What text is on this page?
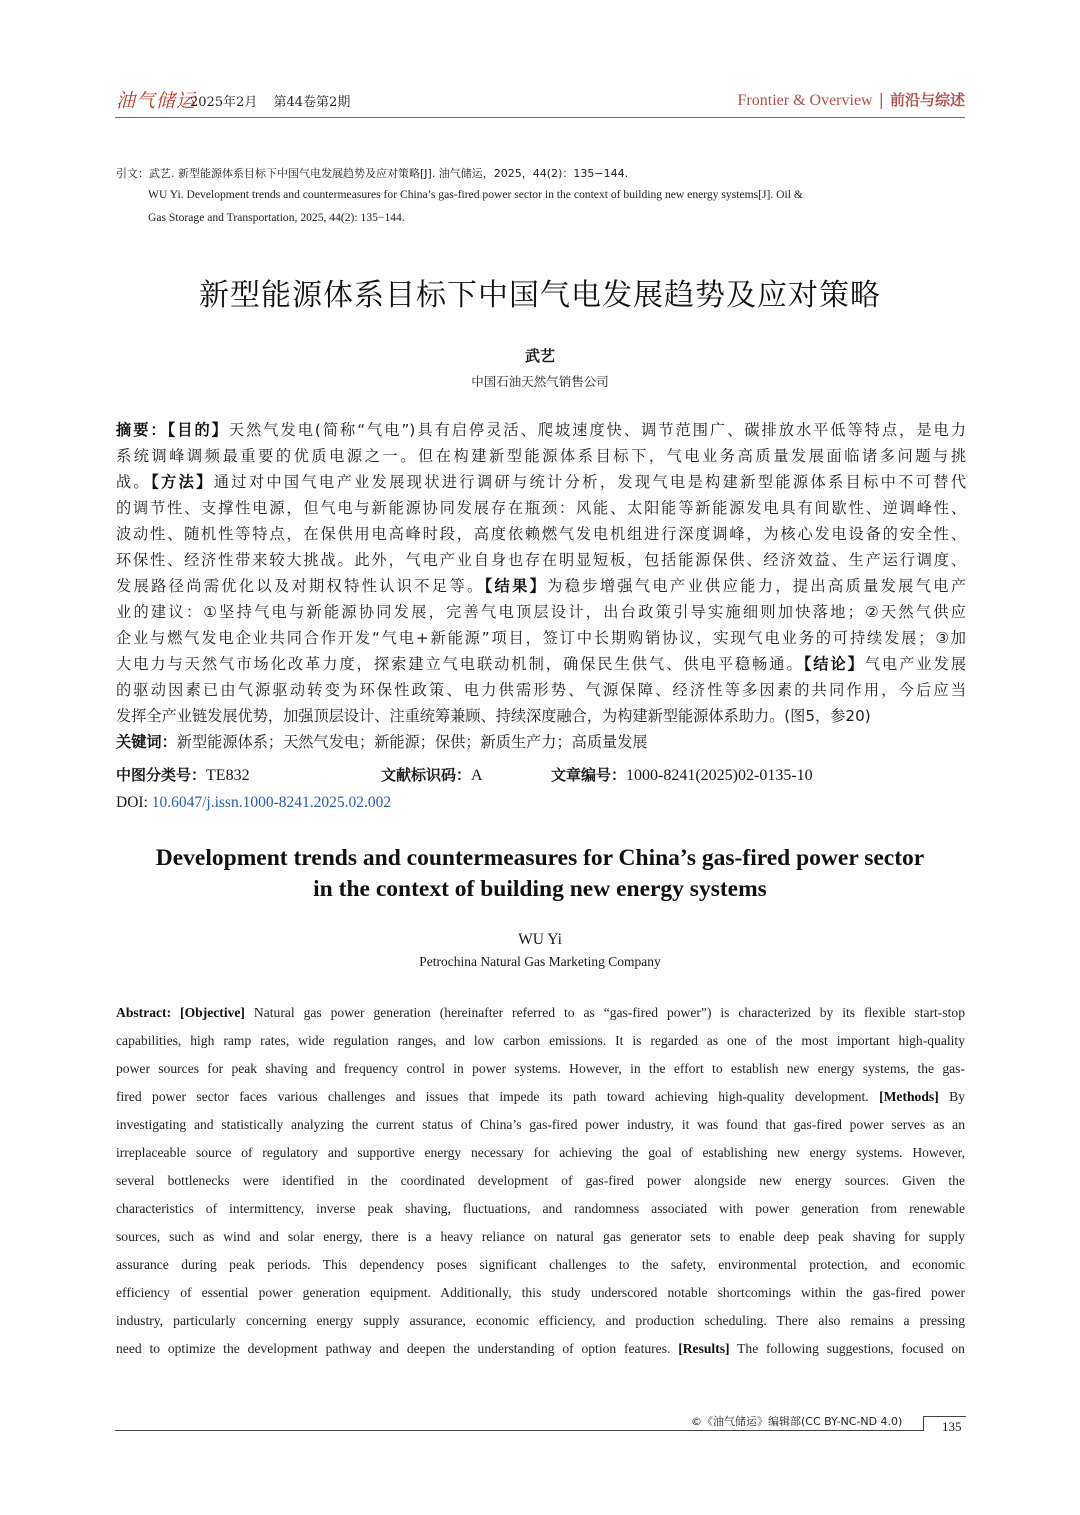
油气储运
2025年2月 第44卷第2期	Frontier & Overview | 前沿与综述
引文：武艺. 新型能源体系目标下中国气电发展趋势及应对策略[J]. 油气储运，2025，44(2)：135−144.
WU Yi. Development trends and countermeasures for China’s gas-fired power sector in the context of building new energy systems[J]. Oil &
Gas Storage and Transportation, 2025, 44(2): 135−144.
新型能源体系目标下中国气电发展趋势及应对策略
武艺
中国石油天然气销售公司
摘要：【目的】天然气发电(简称“气电”)具有启停灵活、爬坡速度快、调节范围广、碳排放水平低等特点，是电力
系统调峰调频最重要的优质电源之一。但在构建新型能源体系目标下，气电业务高质量发展面临诸多问题与挑
战。【方法】通过对中国气电产业发展现状进行调研与统计分析，发现气电是构建新型能源体系目标中不可替代
的调节性、支撑性电源，但气电与新能源协同发展存在瓶颈：风能、太阳能等新能源发电具有间歇性、逆调峰性、
波动性、随机性等特点，在保供用电高峰时段，高度依赖燃气发电机组进行深度调峰，为核心发电设备的安全性、
环保性、经济性带来较大挑战。此外，气电产业自身也存在明显短板，包括能源保供、经济效益、生产运行调度、
发展路径尚需优化以及对期权特性认识不足等。【结果】为稳步增强气电产业供应能力，提出高质量发展气电产
业的建议：①坚持气电与新能源协同发展，完善气电顶层设计，出台政策引导实施细则加快落地；②天然气供应
企业与燃气发电企业共同合作开发“气电+新能源”项目，签订中长期购销协议，实现气电业务的可持续发展；③加
大电力与天然气市场化改革力度，探索建立气电联动机制，确保民生供气、供电平稳畅通。【结论】气电产业发展
的驱动因素已由气源驱动转变为环保性政策、电力供需形势、气源保障、经济性等多因素的共同作用，今后应当
发挥全产业链发展优势，加强顶层设计、注重统筹兼顾、持续深度融合，为构建新型能源体系助力。(图5，参20)
关键词：新型能源体系；天然气发电；新能源；保供；新质生产力；高质量发展
中图分类号：TE832	文献标识码：A	文章编号：1000-8241(2025)02-0135-10
DOI: 10.6047/j.issn.1000-8241.2025.02.002
Development trends and countermeasures for China’s gas-fired power sector
in the context of building new energy systems
WU Yi
Petrochina Natural Gas Marketing Company
Abstract: [Objective] Natural gas power generation (hereinafter referred to as “gas-fired power”) is characterized by its flexible start-stop
capabilities, high ramp rates, wide regulation ranges, and low carbon emissions. It is regarded as one of the most important high-quality
power sources for peak shaving and frequency control in power systems. However, in the effort to establish new energy systems, the gas-
fired power sector faces various challenges and issues that impede its path toward achieving high-quality development. [Methods] By
investigating and statistically analyzing the current status of China’s gas-fired power industry, it was found that gas-fired power serves as an
irreplaceable source of regulatory and supportive energy necessary for achieving the goal of establishing new energy systems. However,
several bottlenecks were identified in the coordinated development of gas-fired power alongside new energy sources. Given the
characteristics of intermittency, inverse peak shaving, fluctuations, and randomness associated with power generation from renewable
sources, such as wind and solar energy, there is a heavy reliance on natural gas generator sets to enable deep peak shaving for supply
assurance during peak periods. This dependency poses significant challenges to the safety, environmental protection, and economic
efficiency of essential power generation equipment. Additionally, this study underscored notable shortcomings within the gas-fired power
industry, particularly concerning energy supply assurance, economic efficiency, and production scheduling. There also remains a pressing
need to optimize the development pathway and deepen the understanding of option features. [Results] The following suggestions, focused on
©《油气储运》编辑部(CC BY-NC-ND 4.0)	135
